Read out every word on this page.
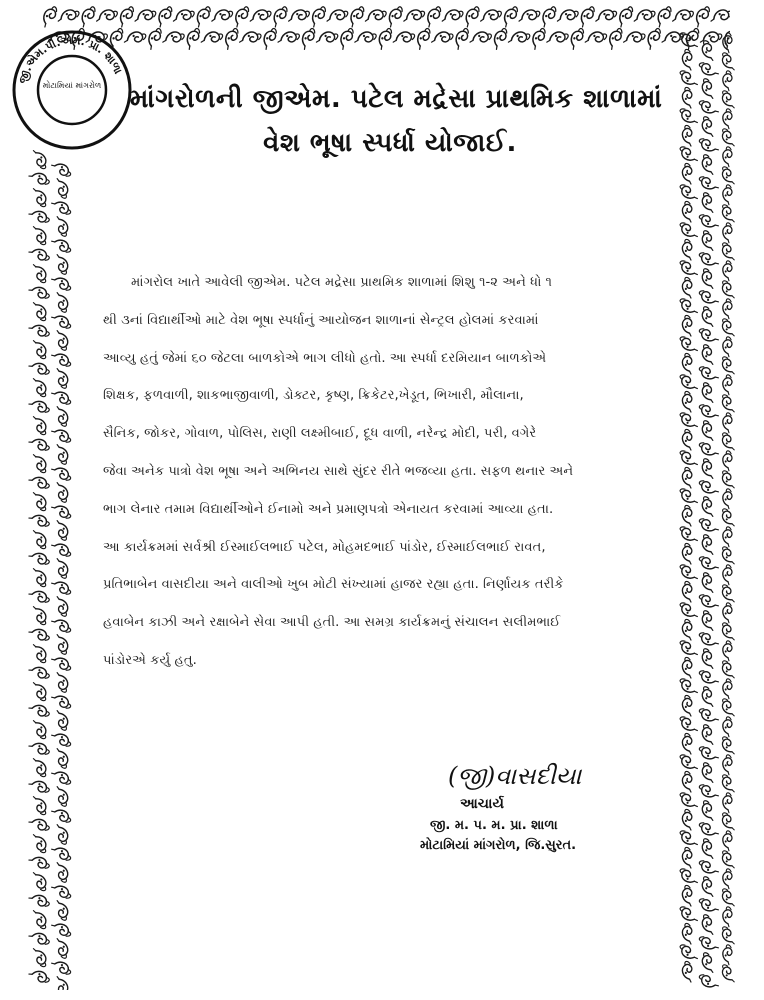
જી.એમ.પી.એમ. પ્રા. શાળા
મોટામિયાં માંગરોળ માંગરોળની જીએમ. પટેલ મદ્રેસા પ્રાથમિક શાળામાં
વેશ ભૂષા સ્પર્ધા યોજાઈ.
માંગરોલ ખાતે આવેલી જીએમ. પટેલ મદ્રેસા પ્રાથમિક શાળામાં શિશુ ૧-૨ અને ધો ૧
થી ૩નાં વિદ્યાર્થીઓ માટે વેશ ભૂષા સ્પર્ધાનું આયોજન શાળાનાં સેન્ટ્રલ હોલમાં કરવામાં
આવ્યુ હતું જેમાં ૬૦ જેટલા બાળકોએ ભાગ લીધો હતો. આ સ્પર્ધા દરમિયાન બાળકોએ
શિક્ષક, ફળવાળી, શાકભાજીવાળી, ડોક્ટર, કૃષ્ણ, ક્રિકેટર,ખેડૂત, ભિખારી, મૌલાના,
સૈનિક, જોકર, ગોવાળ, પોલિસ, રાણી લક્ષ્મીબાઈ, દૂધ વાળી, નરેન્દ્ર મોદી, પરી, વગેરે
જેવા અનેક પાત્રો વેશ ભૂષા અને અભિનય સાથે સુંદર રીતે ભજવ્યા હતા. સફળ થનાર અને
ભાગ લેનાર તમામ વિદ્યાર્થીઓને ઈનામો અને પ્રમાણપત્રો એનાયત કરવામાં આવ્યા હતા.
આ કાર્યક્રમમાં સર્વશ્રી ઈસ્માઈલભાઈ પટેલ, મોહમદભાઈ પાંડોર, ઈસ્માઈલભાઈ રાવત,
પ્રતિભાબેન વાસદીયા અને વાલીઓ ખુબ મોટી સંખ્યામાં હાજર રહ્યા હતા. નિર્ણાયક તરીકે
હવાબેન કાઝી અને રક્ષાબેને સેવા આપી હતી. આ સમગ્ર કાર્યક્રમનું સંચાલન સલીમભાઈ
પાંડોરએ કર્યુ હતુ.
(જી)વાસદીયા
આચાર્ય
જી. મ. પ. મ. પ્રા. શાળા
મોટામિયાં માંગરોળ, જિ.સુરત.
